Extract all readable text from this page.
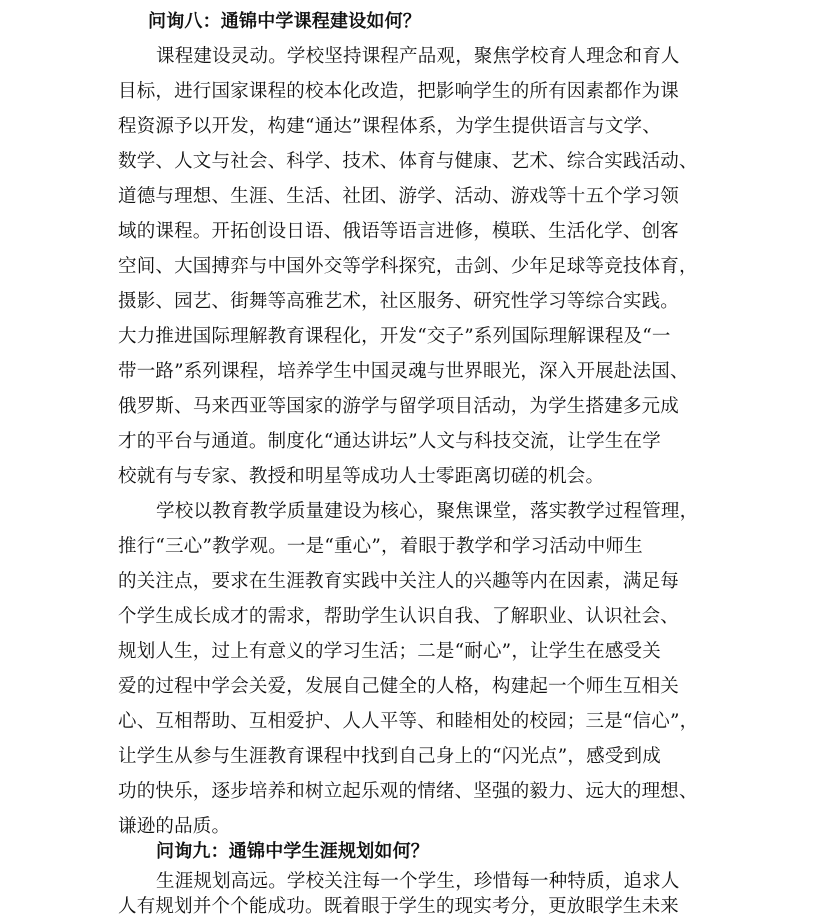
问询八：通锦中学课程建设如何？
课程建设灵动。学校坚持课程产品观，聚焦学校育人理念和育人
目标，进行国家课程的校本化改造，把影响学生的所有因素都作为课
程资源予以开发，构建“通达”课程体系，为学生提供语言与文学、
数学、人文与社会、科学、技术、体育与健康、艺术、综合实践活动、
道德与理想、生涯、生活、社团、游学、活动、游戏等十五个学习领
域的课程。开拓创设日语、俄语等语言进修，模联、生活化学、创客
空间、大国搏弈与中国外交等学科探究，击剑、少年足球等竞技体育，
摄影、园艺、街舞等高雅艺术，社区服务、研究性学习等综合实践。
大力推进国际理解教育课程化，开发“交子”系列国际理解课程及“一
带一路”系列课程，培养学生中国灵魂与世界眼光，深入开展赴法国、
俄罗斯、马来西亚等国家的游学与留学项目活动，为学生搭建多元成
才的平台与通道。制度化“通达讲坛”人文与科技交流，让学生在学
校就有与专家、教授和明星等成功人士零距离切磋的机会。
学校以教育教学质量建设为核心，聚焦课堂，落实教学过程管理，
推行“三心”教学观。一是“重心”，着眼于教学和学习活动中师生
的关注点，要求在生涯教育实践中关注人的兴趣等内在因素，满足每
个学生成长成才的需求，帮助学生认识自我、了解职业、认识社会、
规划人生，过上有意义的学习生活；二是“耐心”，让学生在感受关
爱的过程中学会关爱，发展自己健全的人格，构建起一个师生互相关
心、互相帮助、互相爱护、人人平等、和睦相处的校园；三是“信心”，
让学生从参与生涯教育课程中找到自己身上的“闪光点”，感受到成
功的快乐，逐步培养和树立起乐观的情绪、坚强的毅力、远大的理想、
谦逊的品质。
问询九：通锦中学生涯规划如何？
生涯规划高远。学校关注每一个学生，珍惜每一种特质，追求人
人有规划并个个能成功。既着眼于学生的现实考分，更放眼学生未来
